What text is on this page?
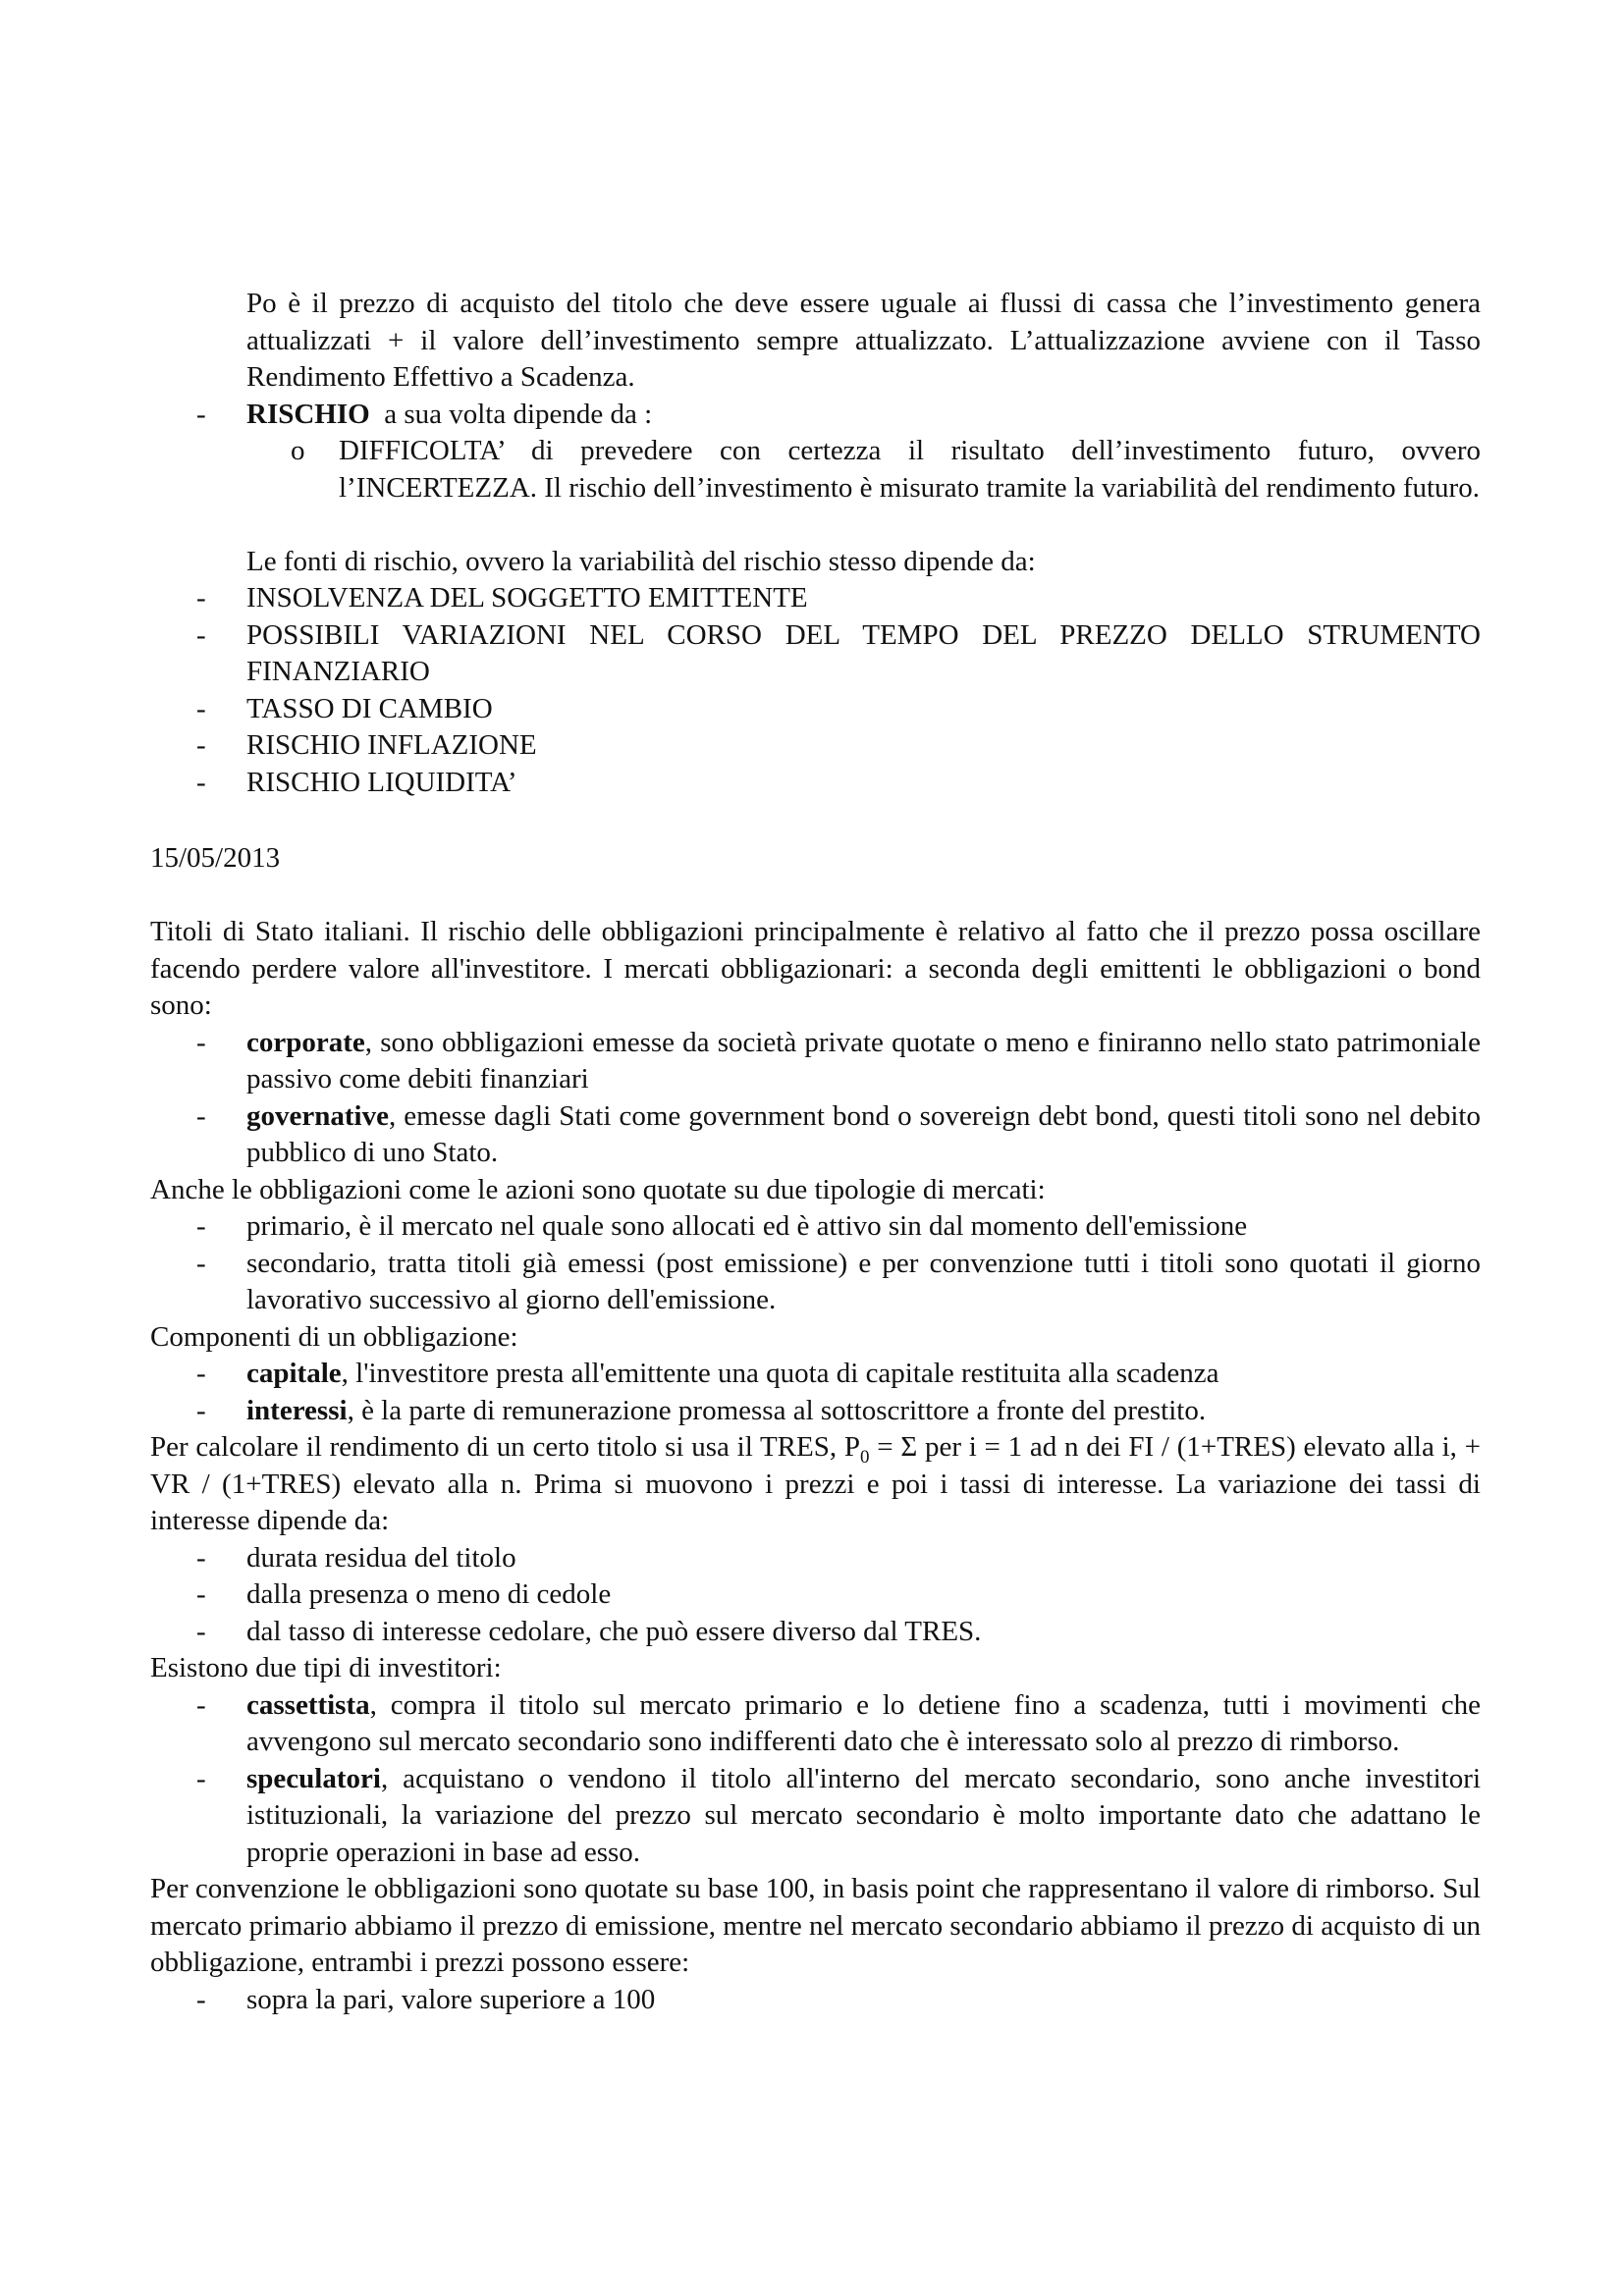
Po è il prezzo di acquisto del titolo che deve essere uguale ai flussi di cassa che l’investimento genera attualizzati + il valore dell’investimento sempre attualizzato. L’attualizzazione avviene con il Tasso Rendimento Effettivo a Scadenza.
- RISCHIO  a sua volta dipende da :
o DIFFICOLTA’ di prevedere con certezza il risultato dell’investimento futuro, ovvero l’INCERTEZZA. Il rischio dell’investimento è misurato tramite la variabilità del rendimento futuro.
Le fonti di rischio, ovvero la variabilità del rischio stesso dipende da:
- INSOLVENZA DEL SOGGETTO EMITTENTE
- POSSIBILI VARIAZIONI NEL CORSO DEL TEMPO DEL PREZZO DELLO STRUMENTO FINANZIARIO
- TASSO DI CAMBIO
- RISCHIO INFLAZIONE
- RISCHIO LIQUIDITA’
15/05/2013
Titoli di Stato italiani. Il rischio delle obbligazioni principalmente è relativo al fatto che il prezzo possa oscillare facendo perdere valore all'investitore. I mercati obbligazionari: a seconda degli emittenti le obbligazioni o bond sono:
- corporate, sono obbligazioni emesse da società private quotate o meno e finiranno nello stato patrimoniale passivo come debiti finanziari
- governative, emesse dagli Stati come government bond o sovereign debt bond, questi titoli sono nel debito pubblico di uno Stato.
Anche le obbligazioni come le azioni sono quotate su due tipologie di mercati:
- primario, è il mercato nel quale sono allocati ed è attivo sin dal momento dell'emissione
- secondario, tratta titoli già emessi (post emissione) e per convenzione tutti i titoli sono quotati il giorno lavorativo successivo al giorno dell'emissione.
Componenti di un obbligazione:
- capitale, l'investitore presta all'emittente una quota di capitale restituita alla scadenza
- interessi, è la parte di remunerazione promessa al sottoscrittore a fronte del prestito.
Per calcolare il rendimento di un certo titolo si usa il TRES, $P_0 = \Sigma$ per i = 1 ad n dei FI / (1+TRES) elevato alla i, + VR / (1+TRES) elevato alla n. Prima si muovono i prezzi e poi i tassi di interesse. La variazione dei tassi di interesse dipende da:
- durata residua del titolo
- dalla presenza o meno di cedole
- dal tasso di interesse cedolare, che può essere diverso dal TRES.
Esistono due tipi di investitori:
- cassettista, compra il titolo sul mercato primario e lo detiene fino a scadenza, tutti i movimenti che avvengono sul mercato secondario sono indifferenti dato che è interessato solo al prezzo di rimborso.
- speculatori, acquistano o vendono il titolo all'interno del mercato secondario, sono anche investitori istituzionali, la variazione del prezzo sul mercato secondario è molto importante dato che adattano le proprie operazioni in base ad esso.
Per convenzione le obbligazioni sono quotate su base 100, in basis point che rappresentano il valore di rimborso. Sul mercato primario abbiamo il prezzo di emissione, mentre nel mercato secondario abbiamo il prezzo di acquisto di un obbligazione, entrambi i prezzi possono essere:
- sopra la pari, valore superiore a 100
